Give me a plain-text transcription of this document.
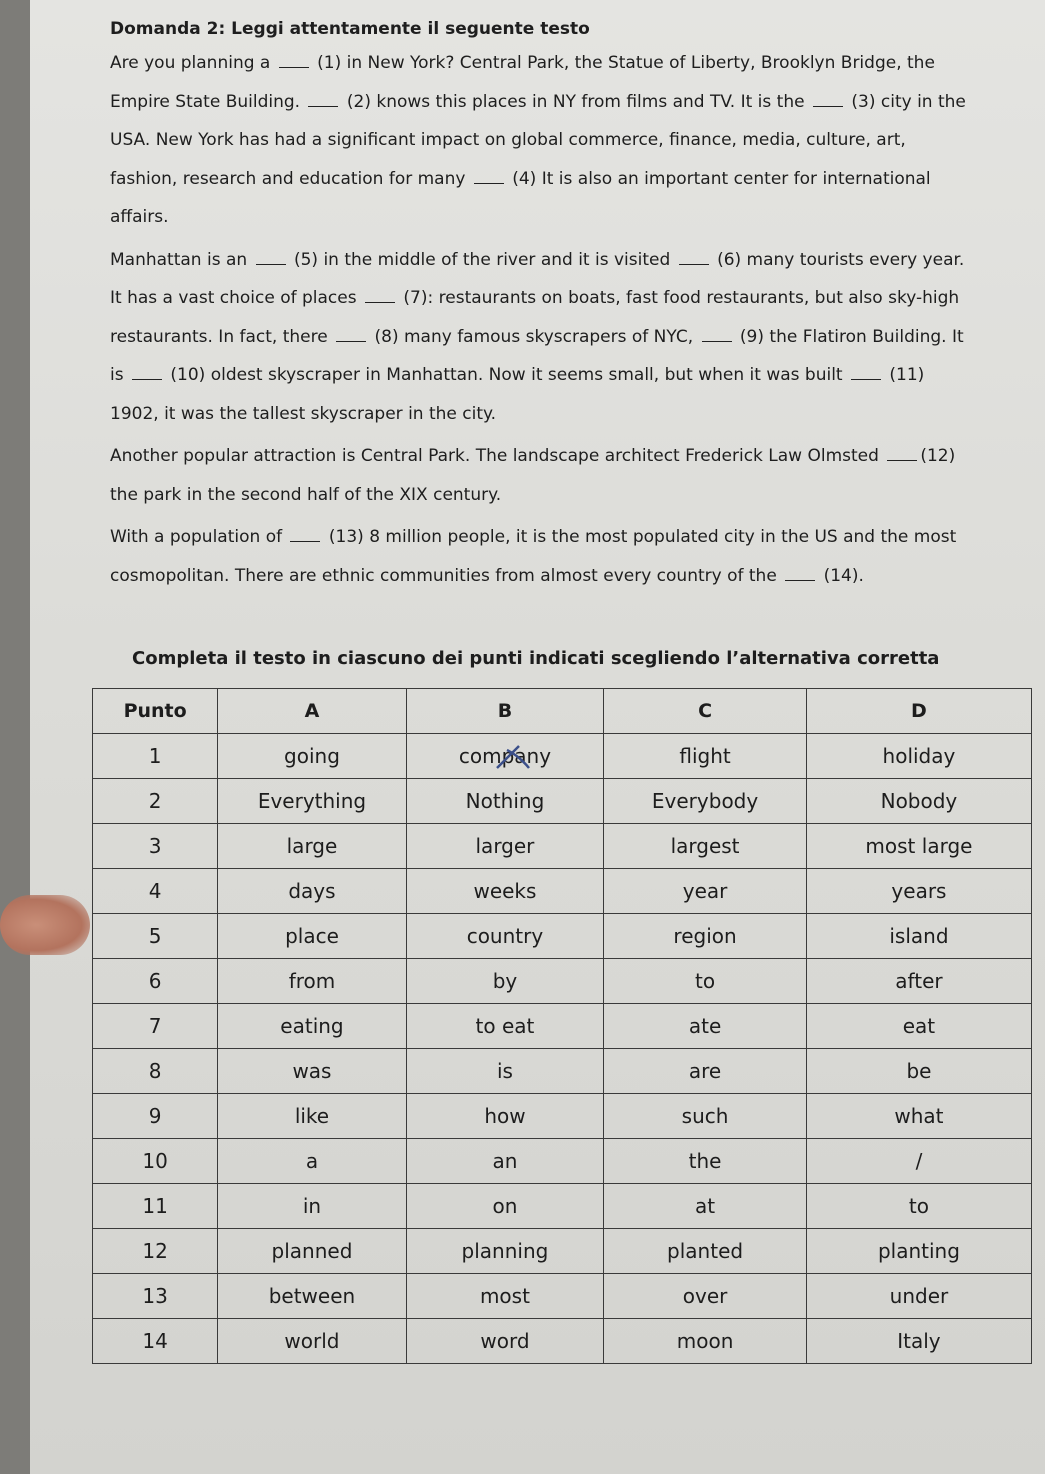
Domanda 2: Leggi attentamente il seguente testo

Are you planning a  (1) in New York? Central Park, the Statue of Liberty, Brooklyn Bridge, the Empire State Building.  (2) knows this places in NY from films and TV. It is the  (3) city in the USA. New York has had a significant impact on global commerce, finance, media, culture, art, fashion, research and education for many  (4) It is also an important center for international affairs.

Manhattan is an  (5) in the middle of the river and it is visited  (6) many tourists every year. It has a vast choice of places  (7): restaurants on boats, fast food restaurants, but also sky-high restaurants. In fact, there  (8) many famous skyscrapers of NYC,  (9) the Flatiron Building. It is  (10) oldest skyscraper in Manhattan. Now it seems small, but when it was built  (11) 1902, it was the tallest skyscraper in the city.

Another popular attraction is Central Park. The landscape architect Frederick Law Olmsted (12) the park in the second half of the XIX century.

With a population of  (13) 8 million people, it is the most populated city in the US and the most cosmopolitan. There are ethnic communities from almost every country of the  (14).

Completa il testo in ciascuno dei punti indicati scegliendo l’alternativa corretta
Punto	A	B	C	D
1	going	company	flight	holiday
2	Everything	Nothing	Everybody	Nobody
3	large	larger	largest	most large
4	days	weeks	year	years
5	place	country	region	island
6	from	by	to	after
7	eating	to eat	ate	eat
8	was	is	are	be
9	like	how	such	what
10	a	an	the	/
11	in	on	at	to
12	planned	planning	planted	planting
13	between	most	over	under
14	world	word	moon	Italy
